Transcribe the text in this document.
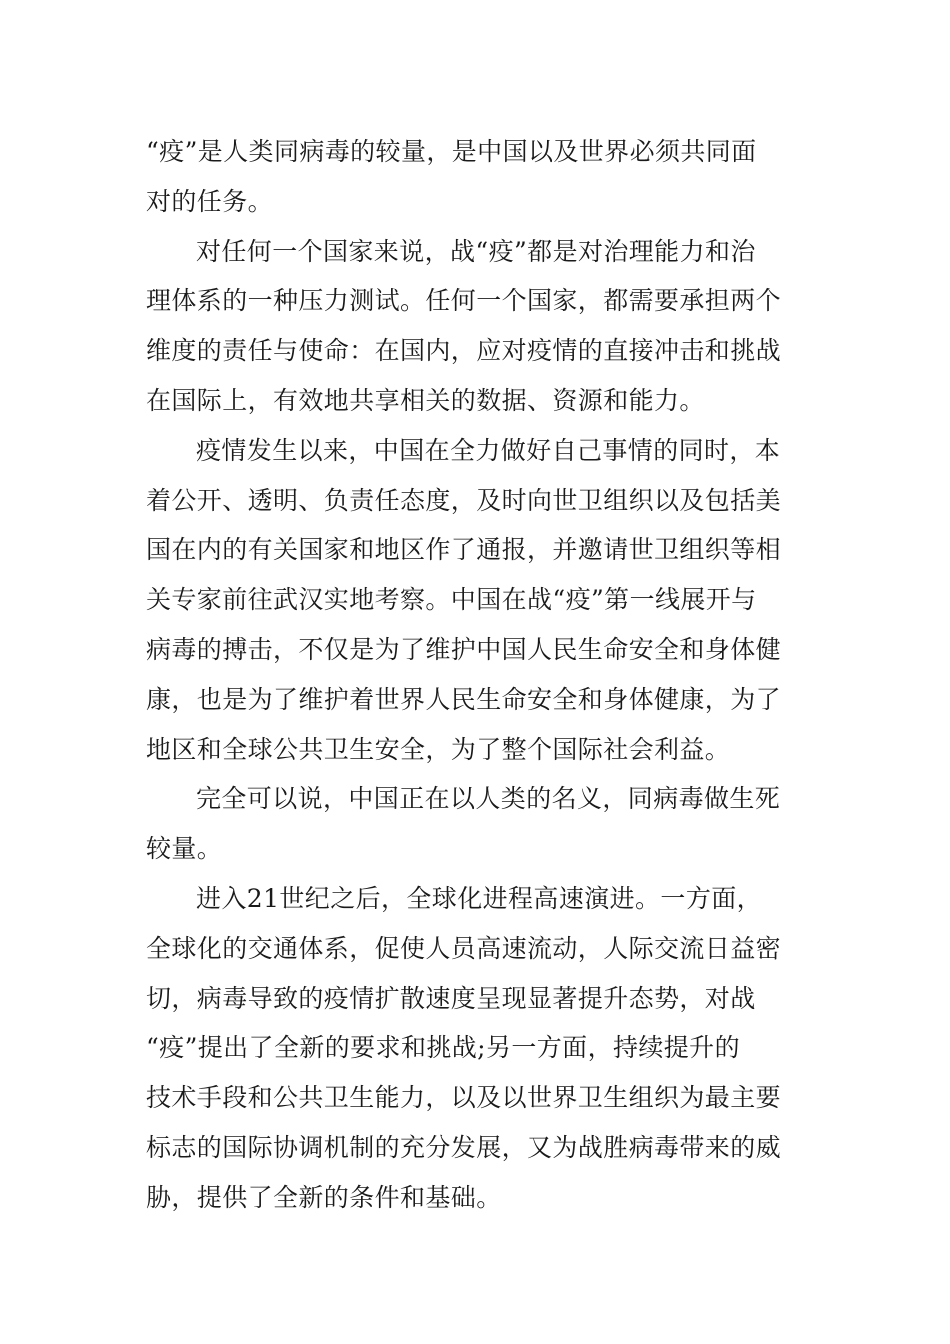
“疫”是人类同病毒的较量，是中国以及世界必须共同面
对的任务。
对任何一个国家来说，战“疫”都是对治理能力和治
理体系的一种压力测试。任何一个国家，都需要承担两个
维度的责任与使命：在国内，应对疫情的直接冲击和挑战
在国际上，有效地共享相关的数据、资源和能力。
疫情发生以来，中国在全力做好自己事情的同时，本
着公开、透明、负责任态度，及时向世卫组织以及包括美
国在内的有关国家和地区作了通报，并邀请世卫组织等相
关专家前往武汉实地考察。中国在战“疫”第一线展开与
病毒的搏击，不仅是为了维护中国人民生命安全和身体健
康，也是为了维护着世界人民生命安全和身体健康，为了
地区和全球公共卫生安全，为了整个国际社会利益。
完全可以说，中国正在以人类的名义，同病毒做生死
较量。
进入21世纪之后，全球化进程高速演进。一方面，
全球化的交通体系，促使人员高速流动，人际交流日益密
切，病毒导致的疫情扩散速度呈现显著提升态势，对战
“疫”提出了全新的要求和挑战;另一方面，持续提升的
技术手段和公共卫生能力，以及以世界卫生组织为最主要
标志的国际协调机制的充分发展，又为战胜病毒带来的威
胁，提供了全新的条件和基础。
